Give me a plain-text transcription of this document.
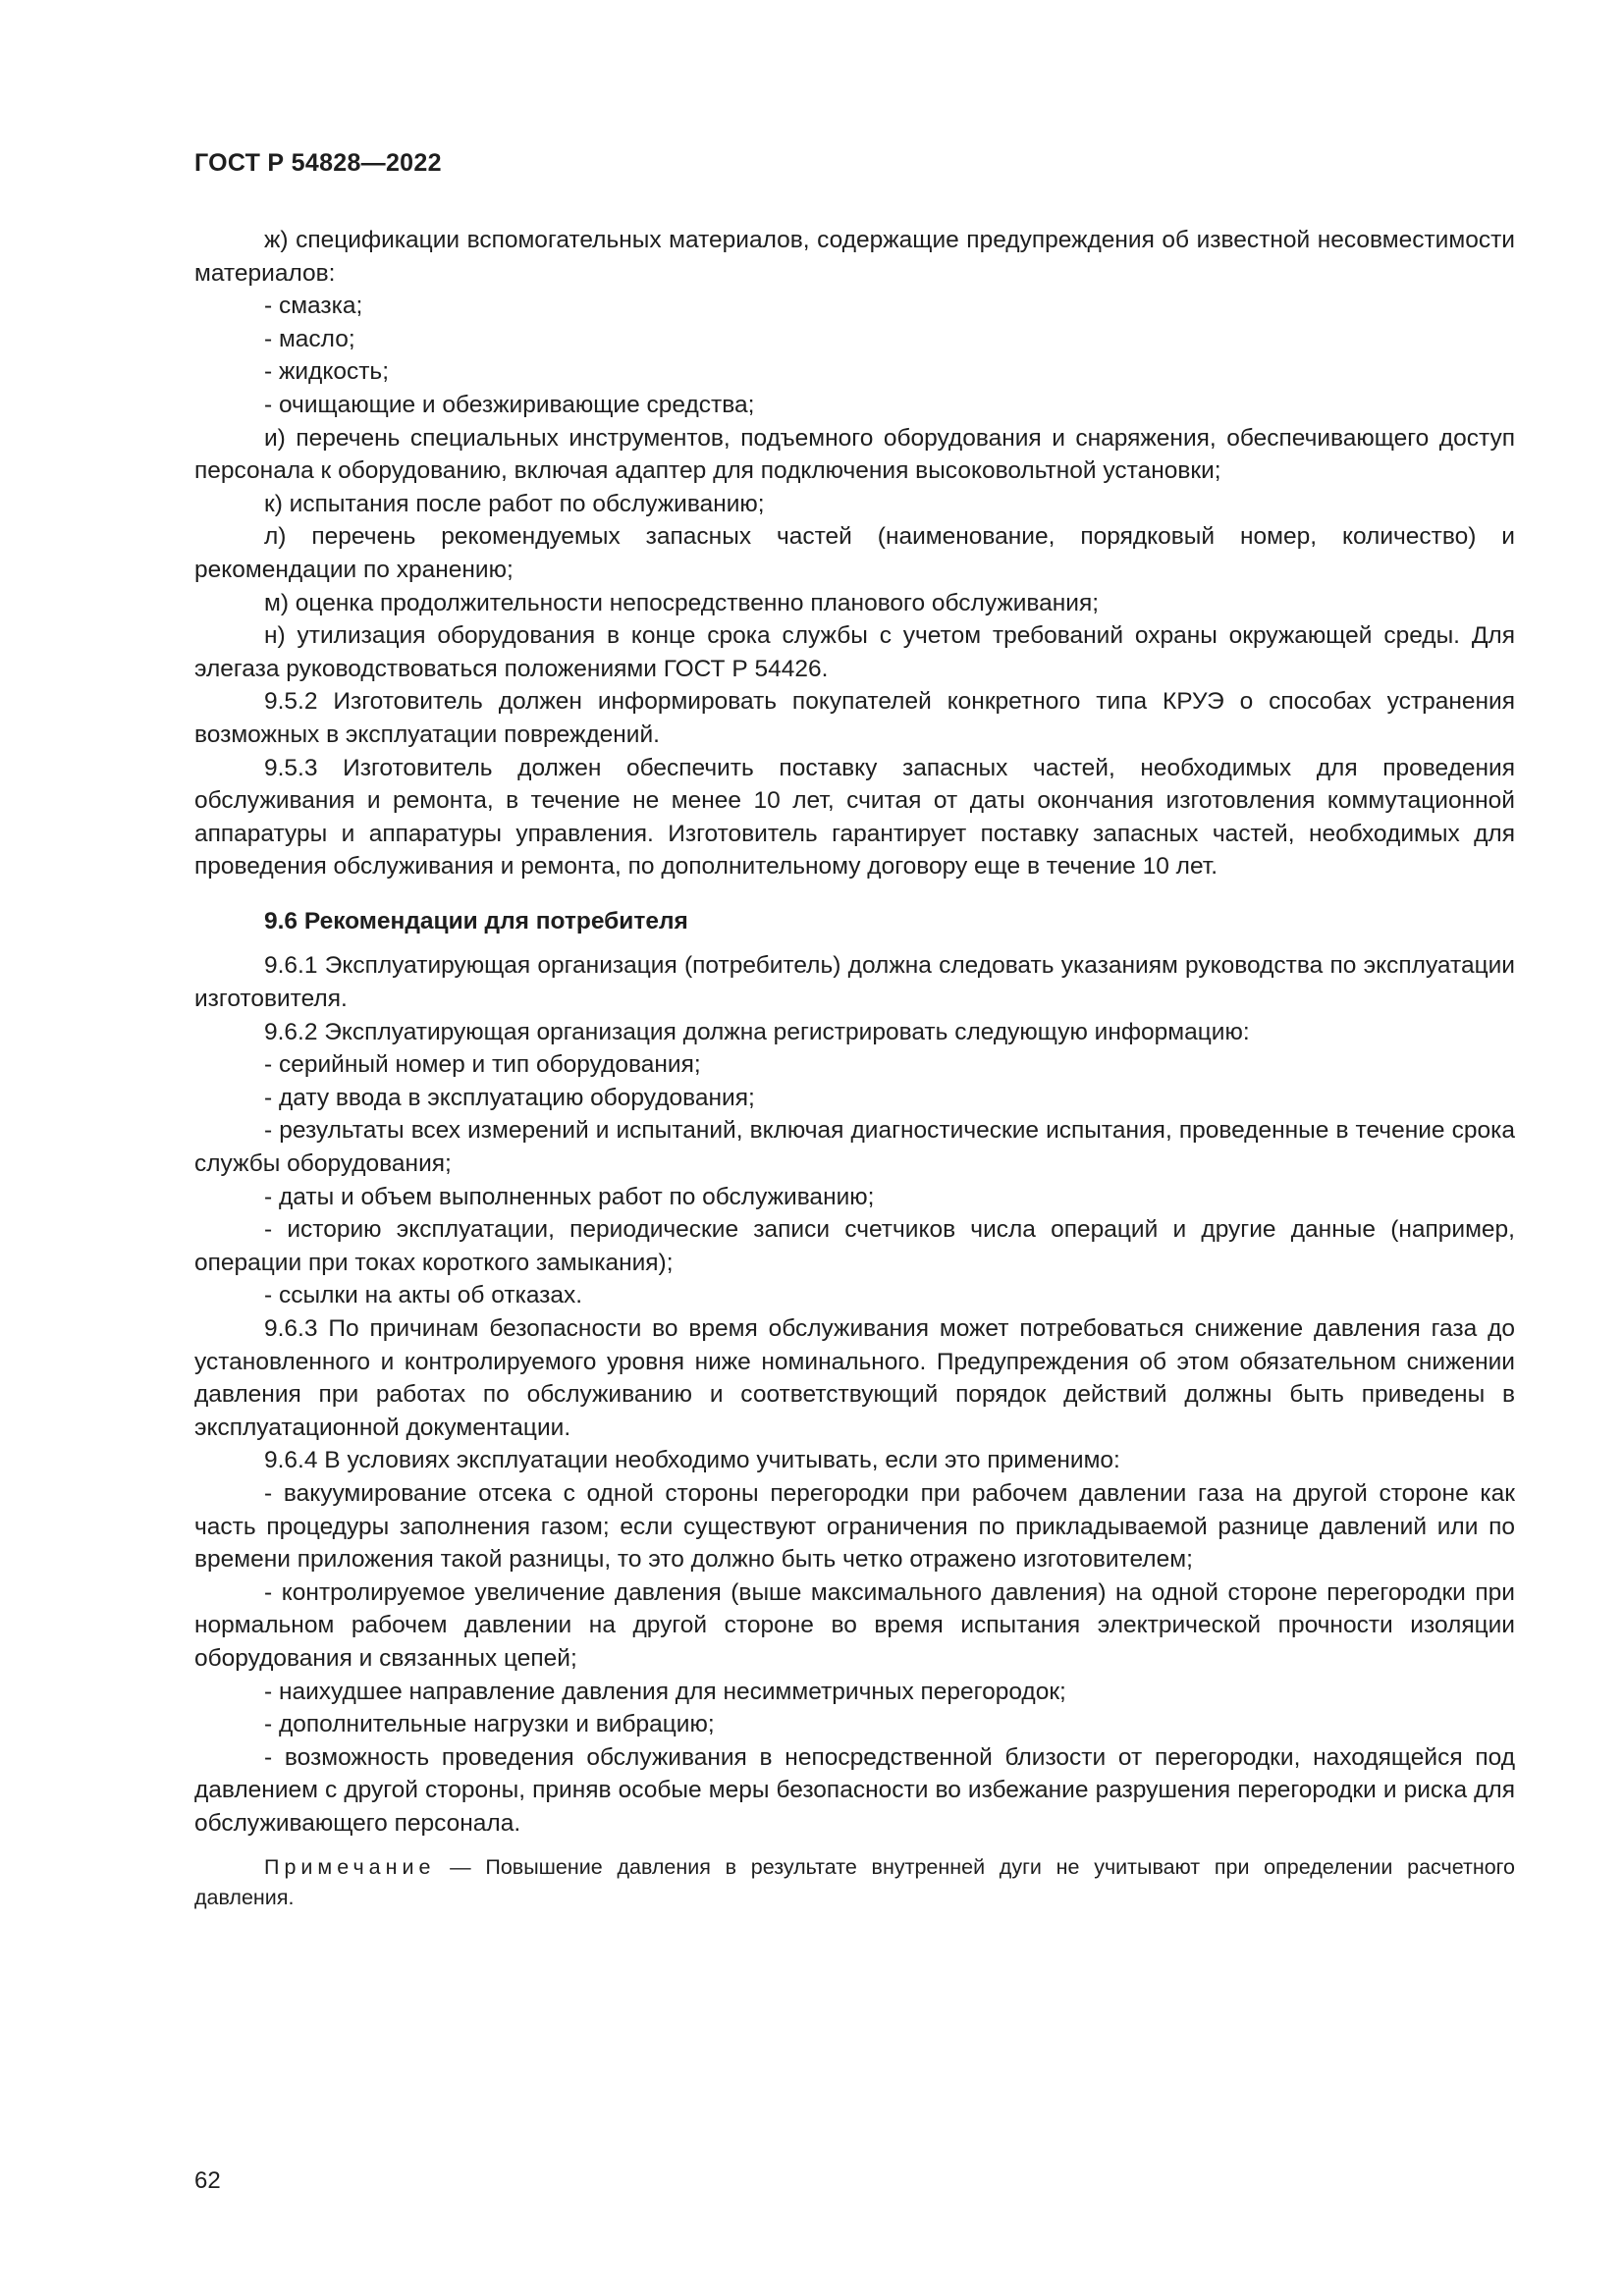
ГОСТ Р 54828—2022

ж) спецификации вспомогательных материалов, содержащие предупреждения об известной несовместимости материалов:

- смазка;

- масло;

- жидкость;

- очищающие и обезжиривающие средства;

и) перечень специальных инструментов, подъемного оборудования и снаряжения, обеспечивающего доступ персонала к оборудованию, включая адаптер для подключения высоковольтной установки;

к) испытания после работ по обслуживанию;

л) перечень рекомендуемых запасных частей (наименование, порядковый номер, количество) и рекомендации по хранению;

м) оценка продолжительности непосредственно планового обслуживания;

н) утилизация оборудования в конце срока службы с учетом требований охраны окружающей среды. Для элегаза руководствоваться положениями ГОСТ Р 54426.

9.5.2 Изготовитель должен информировать покупателей конкретного типа КРУЭ о способах устранения возможных в эксплуатации повреждений.

9.5.3 Изготовитель должен обеспечить поставку запасных частей, необходимых для проведения обслуживания и ремонта, в течение не менее 10 лет, считая от даты окончания изготовления коммутационной аппаратуры и аппаратуры управления. Изготовитель гарантирует поставку запасных частей, необходимых для проведения обслуживания и ремонта, по дополнительному договору еще в течение 10 лет.

9.6 Рекомендации для потребителя

9.6.1 Эксплуатирующая организация (потребитель) должна следовать указаниям руководства по эксплуатации изготовителя.

9.6.2 Эксплуатирующая организация должна регистрировать следующую информацию:

- серийный номер и тип оборудования;

- дату ввода в эксплуатацию оборудования;

- результаты всех измерений и испытаний, включая диагностические испытания, проведенные в течение срока службы оборудования;

- даты и объем выполненных работ по обслуживанию;

- историю эксплуатации, периодические записи счетчиков числа операций и другие данные (например, операции при токах короткого замыкания);

- ссылки на акты об отказах.

9.6.3 По причинам безопасности во время обслуживания может потребоваться снижение давления газа до установленного и контролируемого уровня ниже номинального. Предупреждения об этом обязательном снижении давления при работах по обслуживанию и соответствующий порядок действий должны быть приведены в эксплуатационной документации.

9.6.4 В условиях эксплуатации необходимо учитывать, если это применимо:

- вакуумирование отсека с одной стороны перегородки при рабочем давлении газа на другой стороне как часть процедуры заполнения газом; если существуют ограничения по прикладываемой разнице давлений или по времени приложения такой разницы, то это должно быть четко отражено изготовителем;

- контролируемое увеличение давления (выше максимального давления) на одной стороне перегородки при нормальном рабочем давлении на другой стороне во время испытания электрической прочности изоляции оборудования и связанных цепей;

- наихудшее направление давления для несимметричных перегородок;

- дополнительные нагрузки и вибрацию;

- возможность проведения обслуживания в непосредственной близости от перегородки, находящейся под давлением с другой стороны, приняв особые меры безопасности во избежание разрушения перегородки и риска для обслуживающего персонала.

Примечание — Повышение давления в результате внутренней дуги не учитывают при определении расчетного давления.

62
